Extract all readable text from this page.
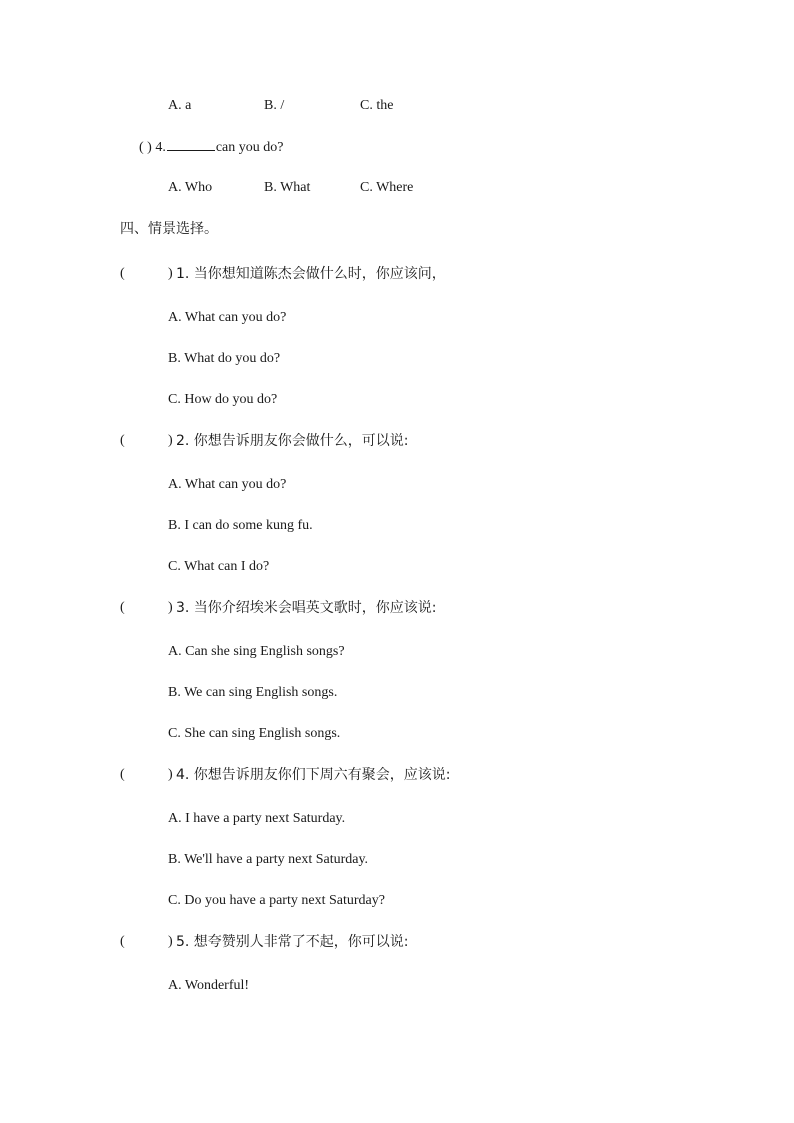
A. a	B. /	C. the
( ) 4.	can you do?
A. Who	B. What	C. Where
四、情景选择。
(	) 1. 当你想知道陈杰会做什么时，你应该问，
A. What can you do?
B. What do you do?
C. How do you do?
(	) 2. 你想告诉朋友你会做什么，可以说:
A. What can you do?
B. I can do some kung fu.
C. What can I do?
(	) 3. 当你介绍埃米会唱英文歌时，你应该说:
A. Can she sing English songs?
B. We can sing English songs.
C. She can sing English songs.
(	) 4. 你想告诉朋友你们下周六有聚会，应该说:
A. I have a party next Saturday.
B. We'll have a party next Saturday.
C. Do you have a party next Saturday?
(	) 5. 想夸赞别人非常了不起，你可以说:
A. Wonderful!
